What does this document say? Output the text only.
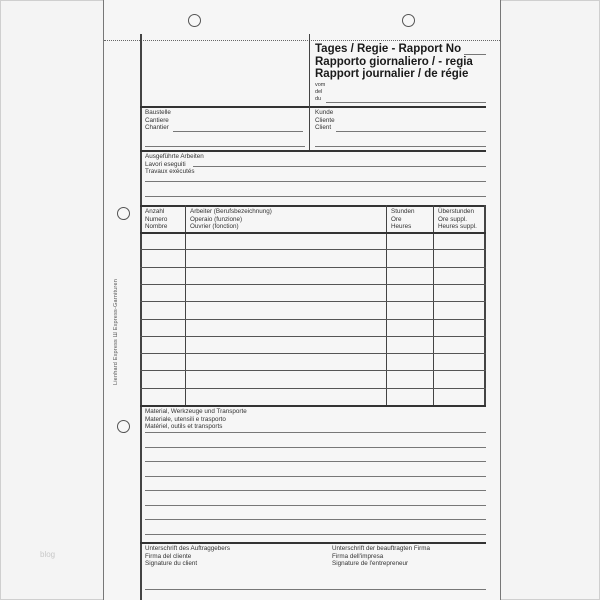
Tages / Regie - Rapport No
Rapporto giornaliero / - regia
Rapport journalier / de régie
vom
del
du
Baustelle
Cantiere
Chantier
Kunde
Cliente
Client
Ausgeführte Arbeiten
Lavori eseguiti
Travaux exécutés
Anzahl
Numero
Nombre
Arbeiter (Berufsbezeichnung)
Operaio (funzione)
Ouvrier (fonction)
Stunden
Ore
Heures
Überstunden
Ore suppl.
Heures suppl.
Material, Werkzeuge und Transporte
Materiale, utensili e trasporto
Matériel, outils et transports
Unterschrift des Auftraggebers
Firma del cliente
Signature du client
Unterschrift der beauftragten Firma
Firma dell'impresa
Signature de l'entrepreneur
Lienhard Express Ш Express-Garnituren
blog
